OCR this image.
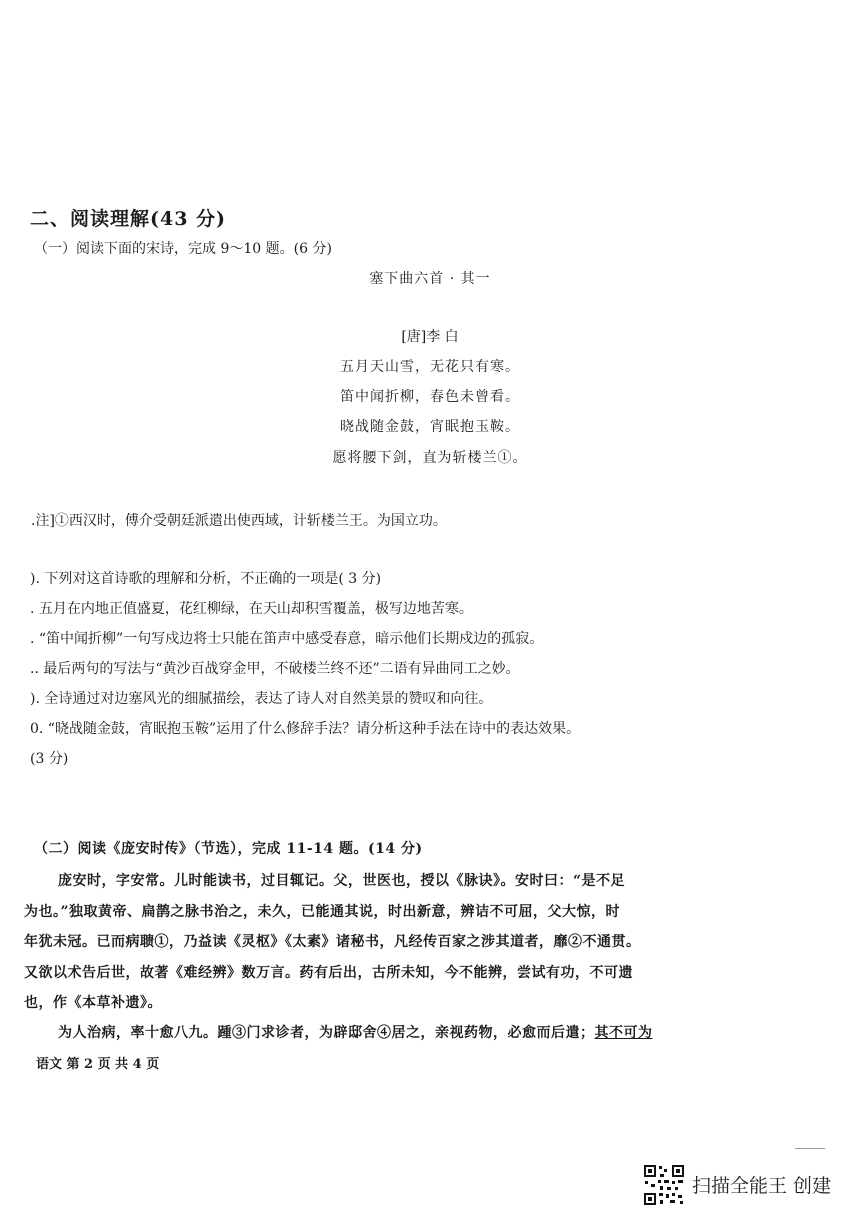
二、阅读理解(43 分)
（一）阅读下面的宋诗，完成 9～10 题。(6 分)
塞下曲六首 · 其一
[唐]李 白
五月天山雪，无花只有寒。
笛中闻折柳，春色未曾看。
晓战随金鼓，宵眠抱玉鞍。
愿将腰下剑，直为斩楼兰①。
.注]①西汉时，傅介受朝廷派遣出使西域，计斩楼兰王。为国立功。
). 下列对这首诗歌的理解和分析，不正确的一项是( 3 分)
. 五月在内地正值盛夏，花红柳绿，在天山却积雪覆盖，极写边地苦寒。
. “笛中闻折柳”一句写戍边将士只能在笛声中感受春意，暗示他们长期戍边的孤寂。
.. 最后两句的写法与“黄沙百战穿金甲，不破楼兰终不还”二语有异曲同工之妙。
). 全诗通过对边塞风光的细腻描绘，表达了诗人对自然美景的赞叹和向往。
0. “晓战随金鼓，宵眠抱玉鞍”运用了什么修辞手法？请分析这种手法在诗中的表达效果。
(3 分)
（二）阅读《庞安时传》（节选），完成 11-14 题。(14 分)
庞安时，字安常。儿时能读书，过目辄记。父，世医也，授以《脉诀》。安时曰：“是不足
为也。”独取黄帝、扁鹊之脉书治之，未久，已能通其说，时出新意，辨诘不可屈，父大惊，时
年犹未冠。已而病聩①，乃益读《灵枢》《太素》诸秘书，凡经传百家之涉其道者，靡②不通贯。
又欲以术告后世，故著《难经辨》数万言。药有后出，古所未知，今不能辨，尝试有功，不可遗
也，作《本草补遗》。
为人治病，率十愈八九。踵③门求诊者，为辟邸舍④居之，亲视药物，必愈而后遣；其不可为
语文 第 2 页 共 4 页
扫描全能王 创建
